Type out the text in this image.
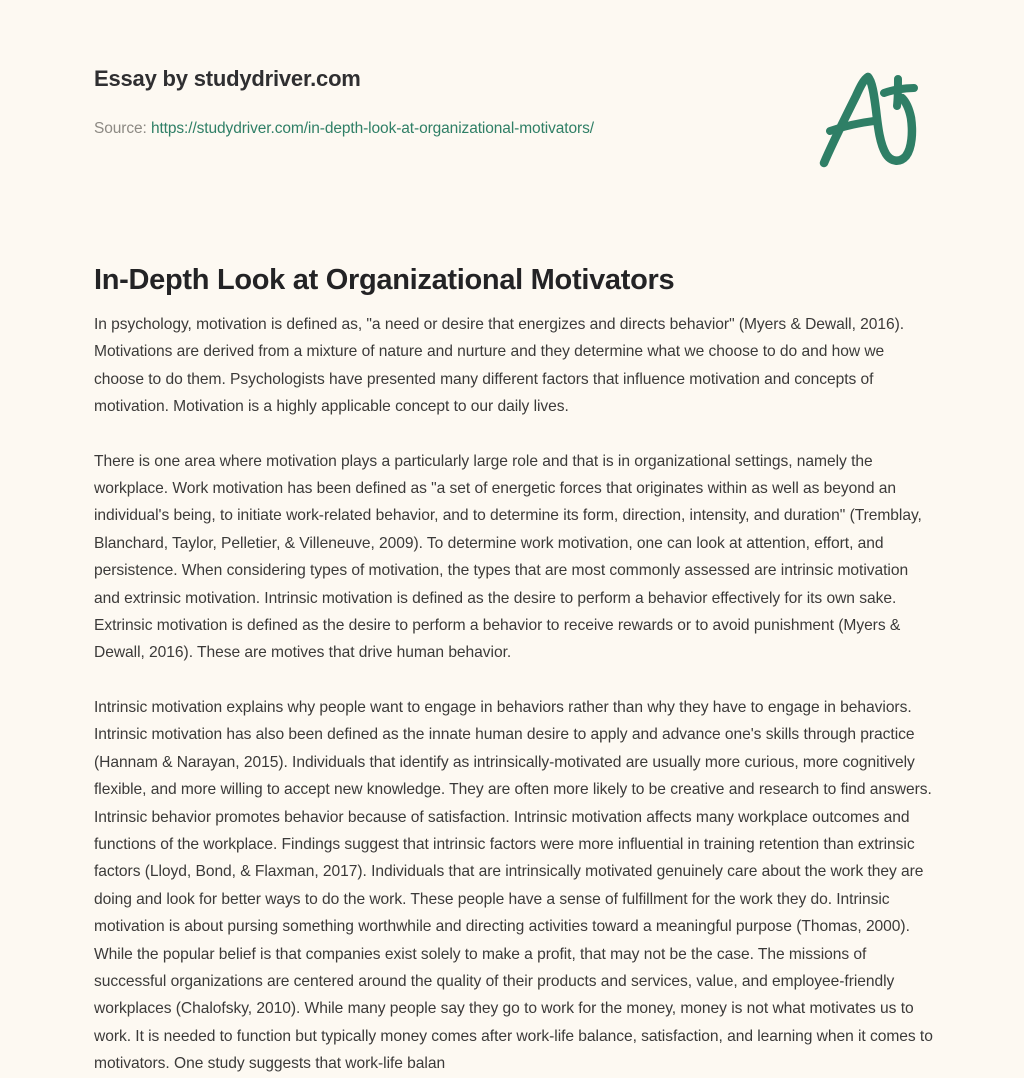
Essay by studydriver.com
Source: https://studydriver.com/in-depth-look-at-organizational-motivators/
In-Depth Look at Organizational Motivators

In psychology, motivation is defined as, "a need or desire that energizes and directs behavior" (Myers & Dewall, 2016). Motivations are derived from a mixture of nature and nurture and they determine what we choose to do and how we choose to do them. Psychologists have presented many different factors that influence motivation and concepts of motivation. Motivation is a highly applicable concept to our daily lives.

There is one area where motivation plays a particularly large role and that is in organizational settings, namely the workplace. Work motivation has been defined as "a set of energetic forces that originates within as well as beyond an individual's being, to initiate work-related behavior, and to determine its form, direction, intensity, and duration" (Tremblay, Blanchard, Taylor, Pelletier, & Villeneuve, 2009). To determine work motivation, one can look at attention, effort, and persistence. When considering types of motivation, the types that are most commonly assessed are intrinsic motivation and extrinsic motivation. Intrinsic motivation is defined as the desire to perform a behavior effectively for its own sake. Extrinsic motivation is defined as the desire to perform a behavior to receive rewards or to avoid punishment (Myers & Dewall, 2016). These are motives that drive human behavior.

Intrinsic motivation explains why people want to engage in behaviors rather than why they have to engage in behaviors. Intrinsic motivation has also been defined as the innate human desire to apply and advance one's skills through practice (Hannam & Narayan, 2015). Individuals that identify as intrinsically-motivated are usually more curious, more cognitively flexible, and more willing to accept new knowledge. They are often more likely to be creative and research to find answers. Intrinsic behavior promotes behavior because of satisfaction. Intrinsic motivation affects many workplace outcomes and functions of the workplace. Findings suggest that intrinsic factors were more influential in training retention than extrinsic factors (Lloyd, Bond, & Flaxman, 2017). Individuals that are intrinsically motivated genuinely care about the work they are doing and look for better ways to do the work. These people have a sense of fulfillment for the work they do. Intrinsic motivation is about pursing something worthwhile and directing activities toward a meaningful purpose (Thomas, 2000). While the popular belief is that companies exist solely to make a profit, that may not be the case. The missions of successful organizations are centered around the quality of their products and services, value, and employee-friendly workplaces (Chalofsky, 2010). While many people say they go to work for the money, money is not what motivates us to work. It is needed to function but typically money comes after work-life balance, satisfaction, and learning when it comes to motivators. One study suggests that work-life balan
